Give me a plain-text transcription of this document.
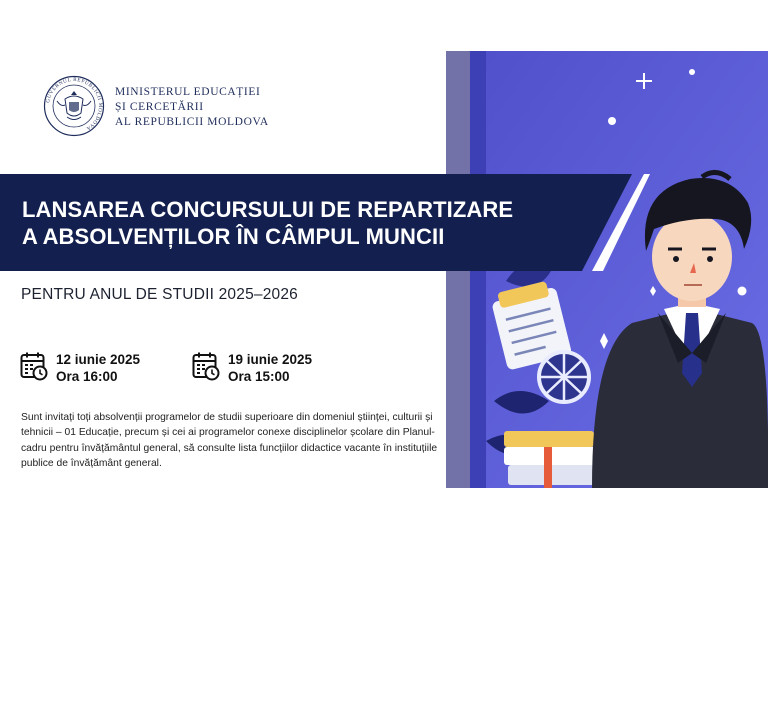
GUVERNUL REPUBLICII MOLDOVA
MINISTERUL EDUCAȚIEI
ȘI CERCETĂRII
AL REPUBLICII MOLDOVA
LANSAREA CONCURSULUI DE REPARTIZARE
A ABSOLVENȚILOR ÎN CÂMPUL MUNCII
PENTRU ANUL DE STUDII 2025–2026
12 iunie 2025
Ora 16:00
19 iunie 2025
Ora 15:00
Sunt invitați toți absolvenții programelor de studii superioare din domeniul științei, culturii și tehnicii – 01 Educație, precum și cei ai programelor conexe disciplinelor școlare din Planul-cadru pentru învățământul general, să consulte lista funcțiilor didactice vacante în instituțiile publice de învățământ general.
